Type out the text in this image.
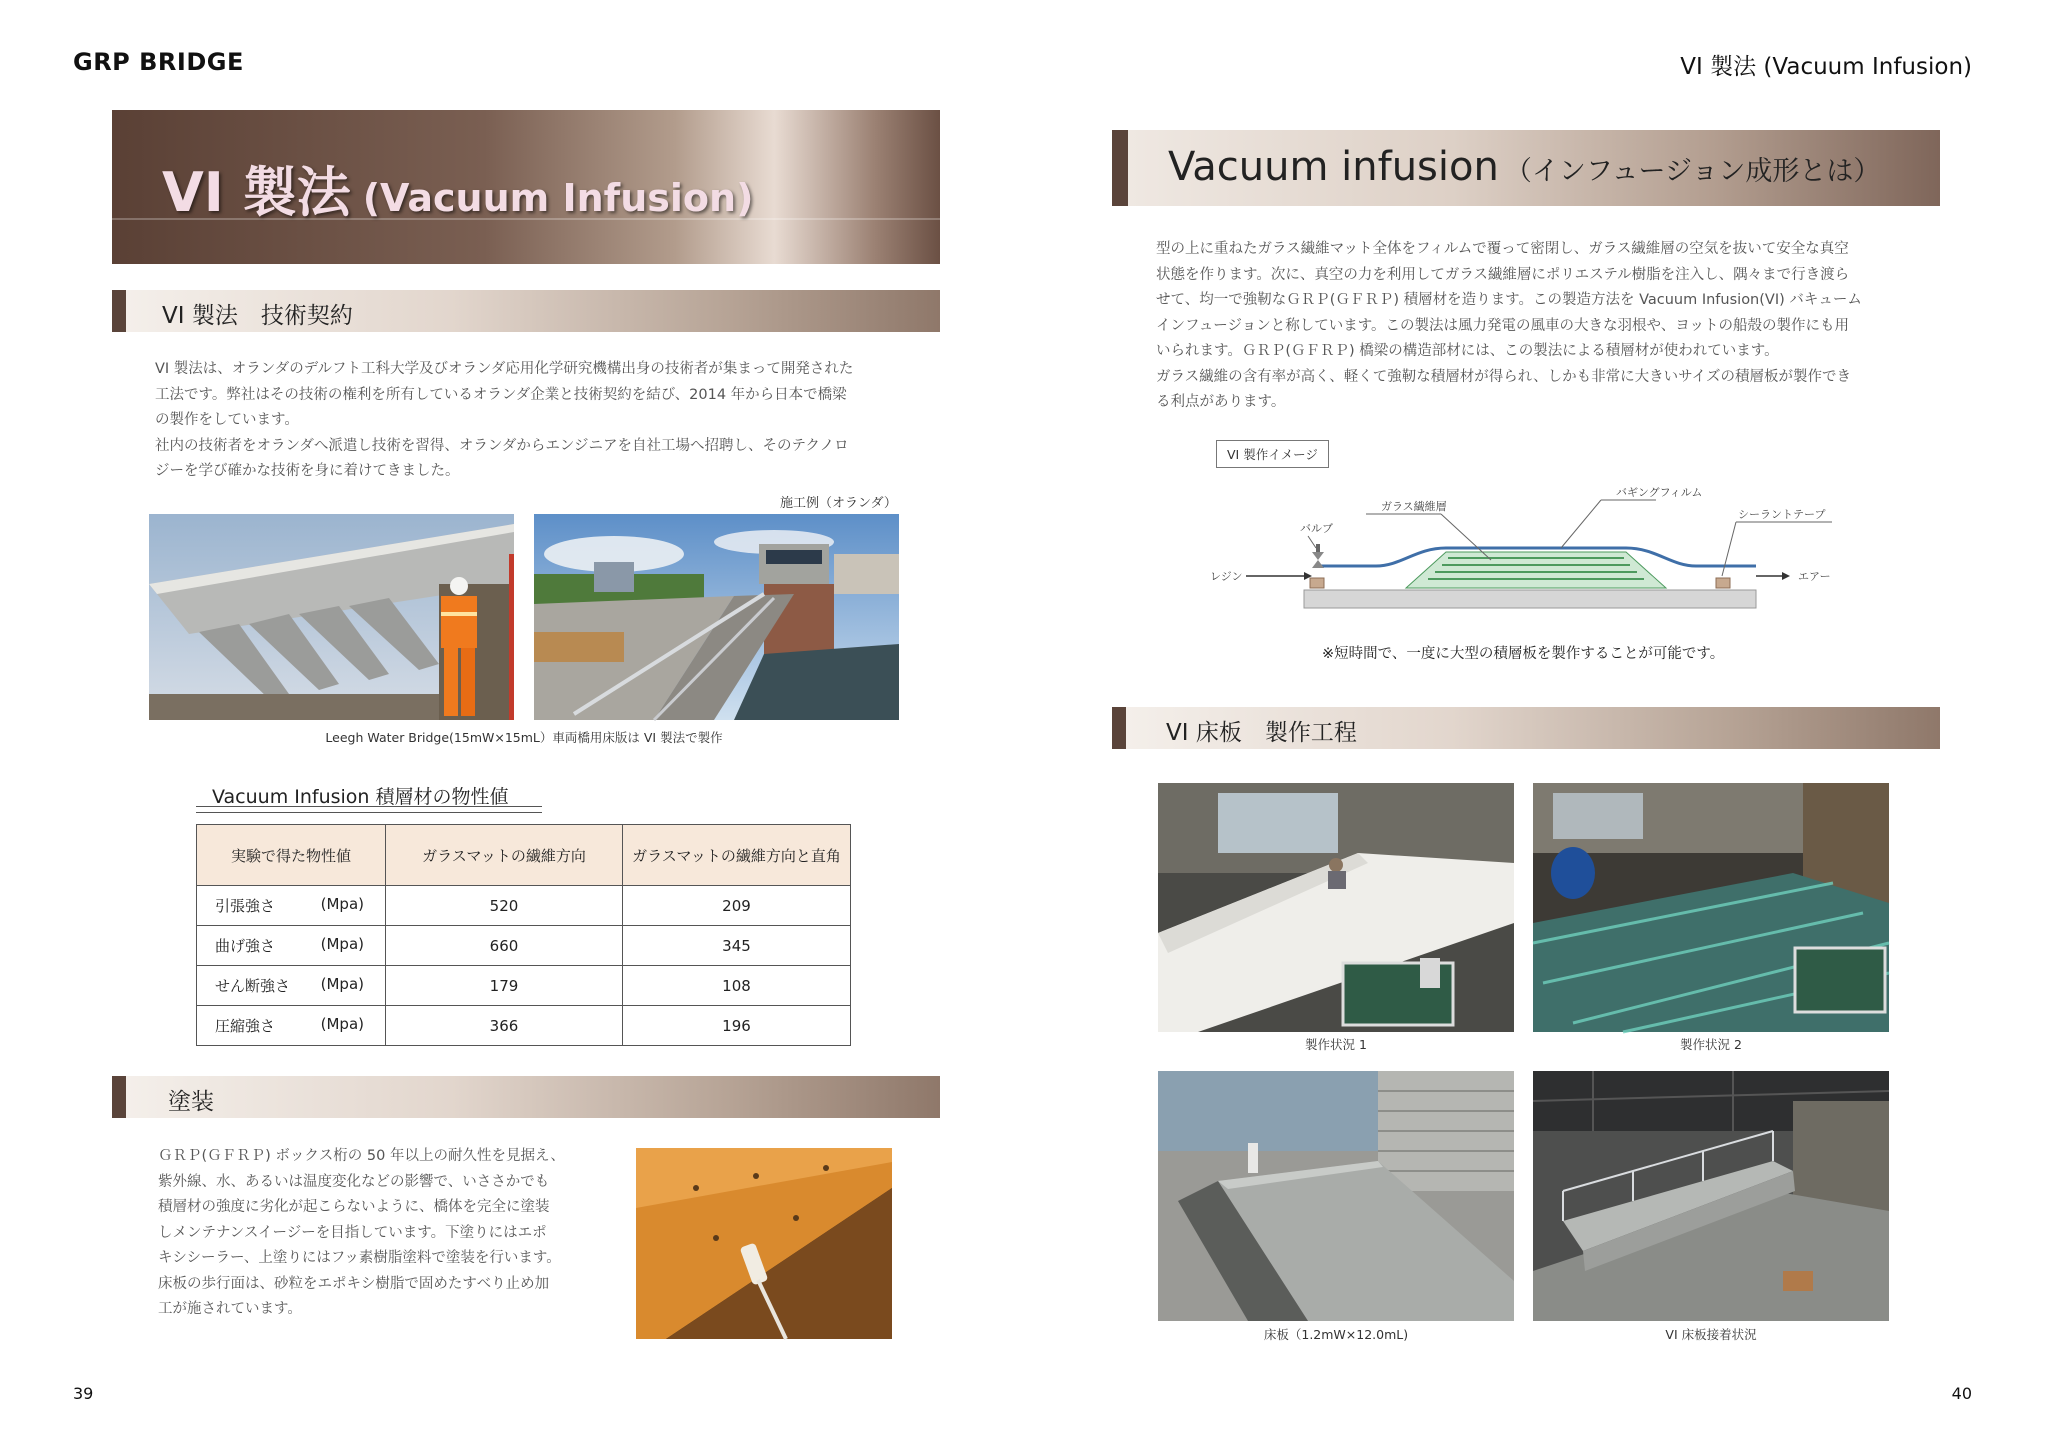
GRP BRIDGE	VI 製法 (Vacuum Infusion)
VI 製法 (Vacuum Infusion)
VI 製法　技術契約

VI 製法は、オランダのデルフト工科大学及びオランダ応用化学研究機構出身の技術者が集まって開発された

工法です。弊社はその技術の権利を所有しているオランダ企業と技術契約を結び、2014 年から日本で橋梁

の製作をしています。

社内の技術者をオランダへ派遣し技術を習得、オランダからエンジニアを自社工場へ招聘し、そのテクノロ

ジーを学び確かな技術を身に着けてきました。

施工例（オランダ）
Leegh Water Bridge(15mW×15mL）車両橋用床版は VI 製法で製作
Vacuum Infusion 積層材の物性値
実験で得た物性値	ガラスマットの繊維方向	ガラスマットの繊維方向と直角
引張強さ (Mpa)	520	209
曲げ強さ (Mpa)	660	345
せん断強さ (Mpa)	179	108
圧縮強さ (Mpa)	366	196
塗装

ＧＲＰ(ＧＦＲＰ) ボックス桁の 50 年以上の耐久性を見据え、

紫外線、水、あるいは温度変化などの影響で、いささかでも

積層材の強度に劣化が起こらないように、橋体を完全に塗装

しメンテナンスイージーを目指しています。下塗りにはエポ

キシシーラー、上塗りにはフッ素樹脂塗料で塗装を行います。

床板の歩行面は、砂粒をエポキシ樹脂で固めたすべり止め加

工が施されています。

39
Vacuum infusion （インフュージョン成形とは）

型の上に重ねたガラス繊維マット全体をフィルムで覆って密閉し、ガラス繊維層の空気を抜いて安全な真空

状態を作ります。次に、真空の力を利用してガラス繊維層にポリエステル樹脂を注入し、隅々まで行き渡ら

せて、均一で強靭なＧＲＰ(ＧＦＲＰ) 積層材を造ります。この製造方法を Vacuum Infusion(VI) バキューム

インフュージョンと称しています。この製法は風力発電の風車の大きな羽根や、ヨットの船殻の製作にも用

いられます。ＧＲＰ(ＧＦＲＰ) 橋梁の構造部材には、この製法による積層材が使われています。

ガラス繊維の含有率が高く、軽くて強靭な積層材が得られ、しかも非常に大きいサイズの積層板が製作でき

る利点があります。

VI 製作イメージ
ガラス繊維層
バギングフィルム
バルブ
シーラントテープ
レジン	エアー
※短時間で、一度に大型の積層板を製作することが可能です。
VI 床板　製作工程
製作状況 1	製作状況 2
床板（1.2mW×12.0mL)	VI 床板接着状況
40
